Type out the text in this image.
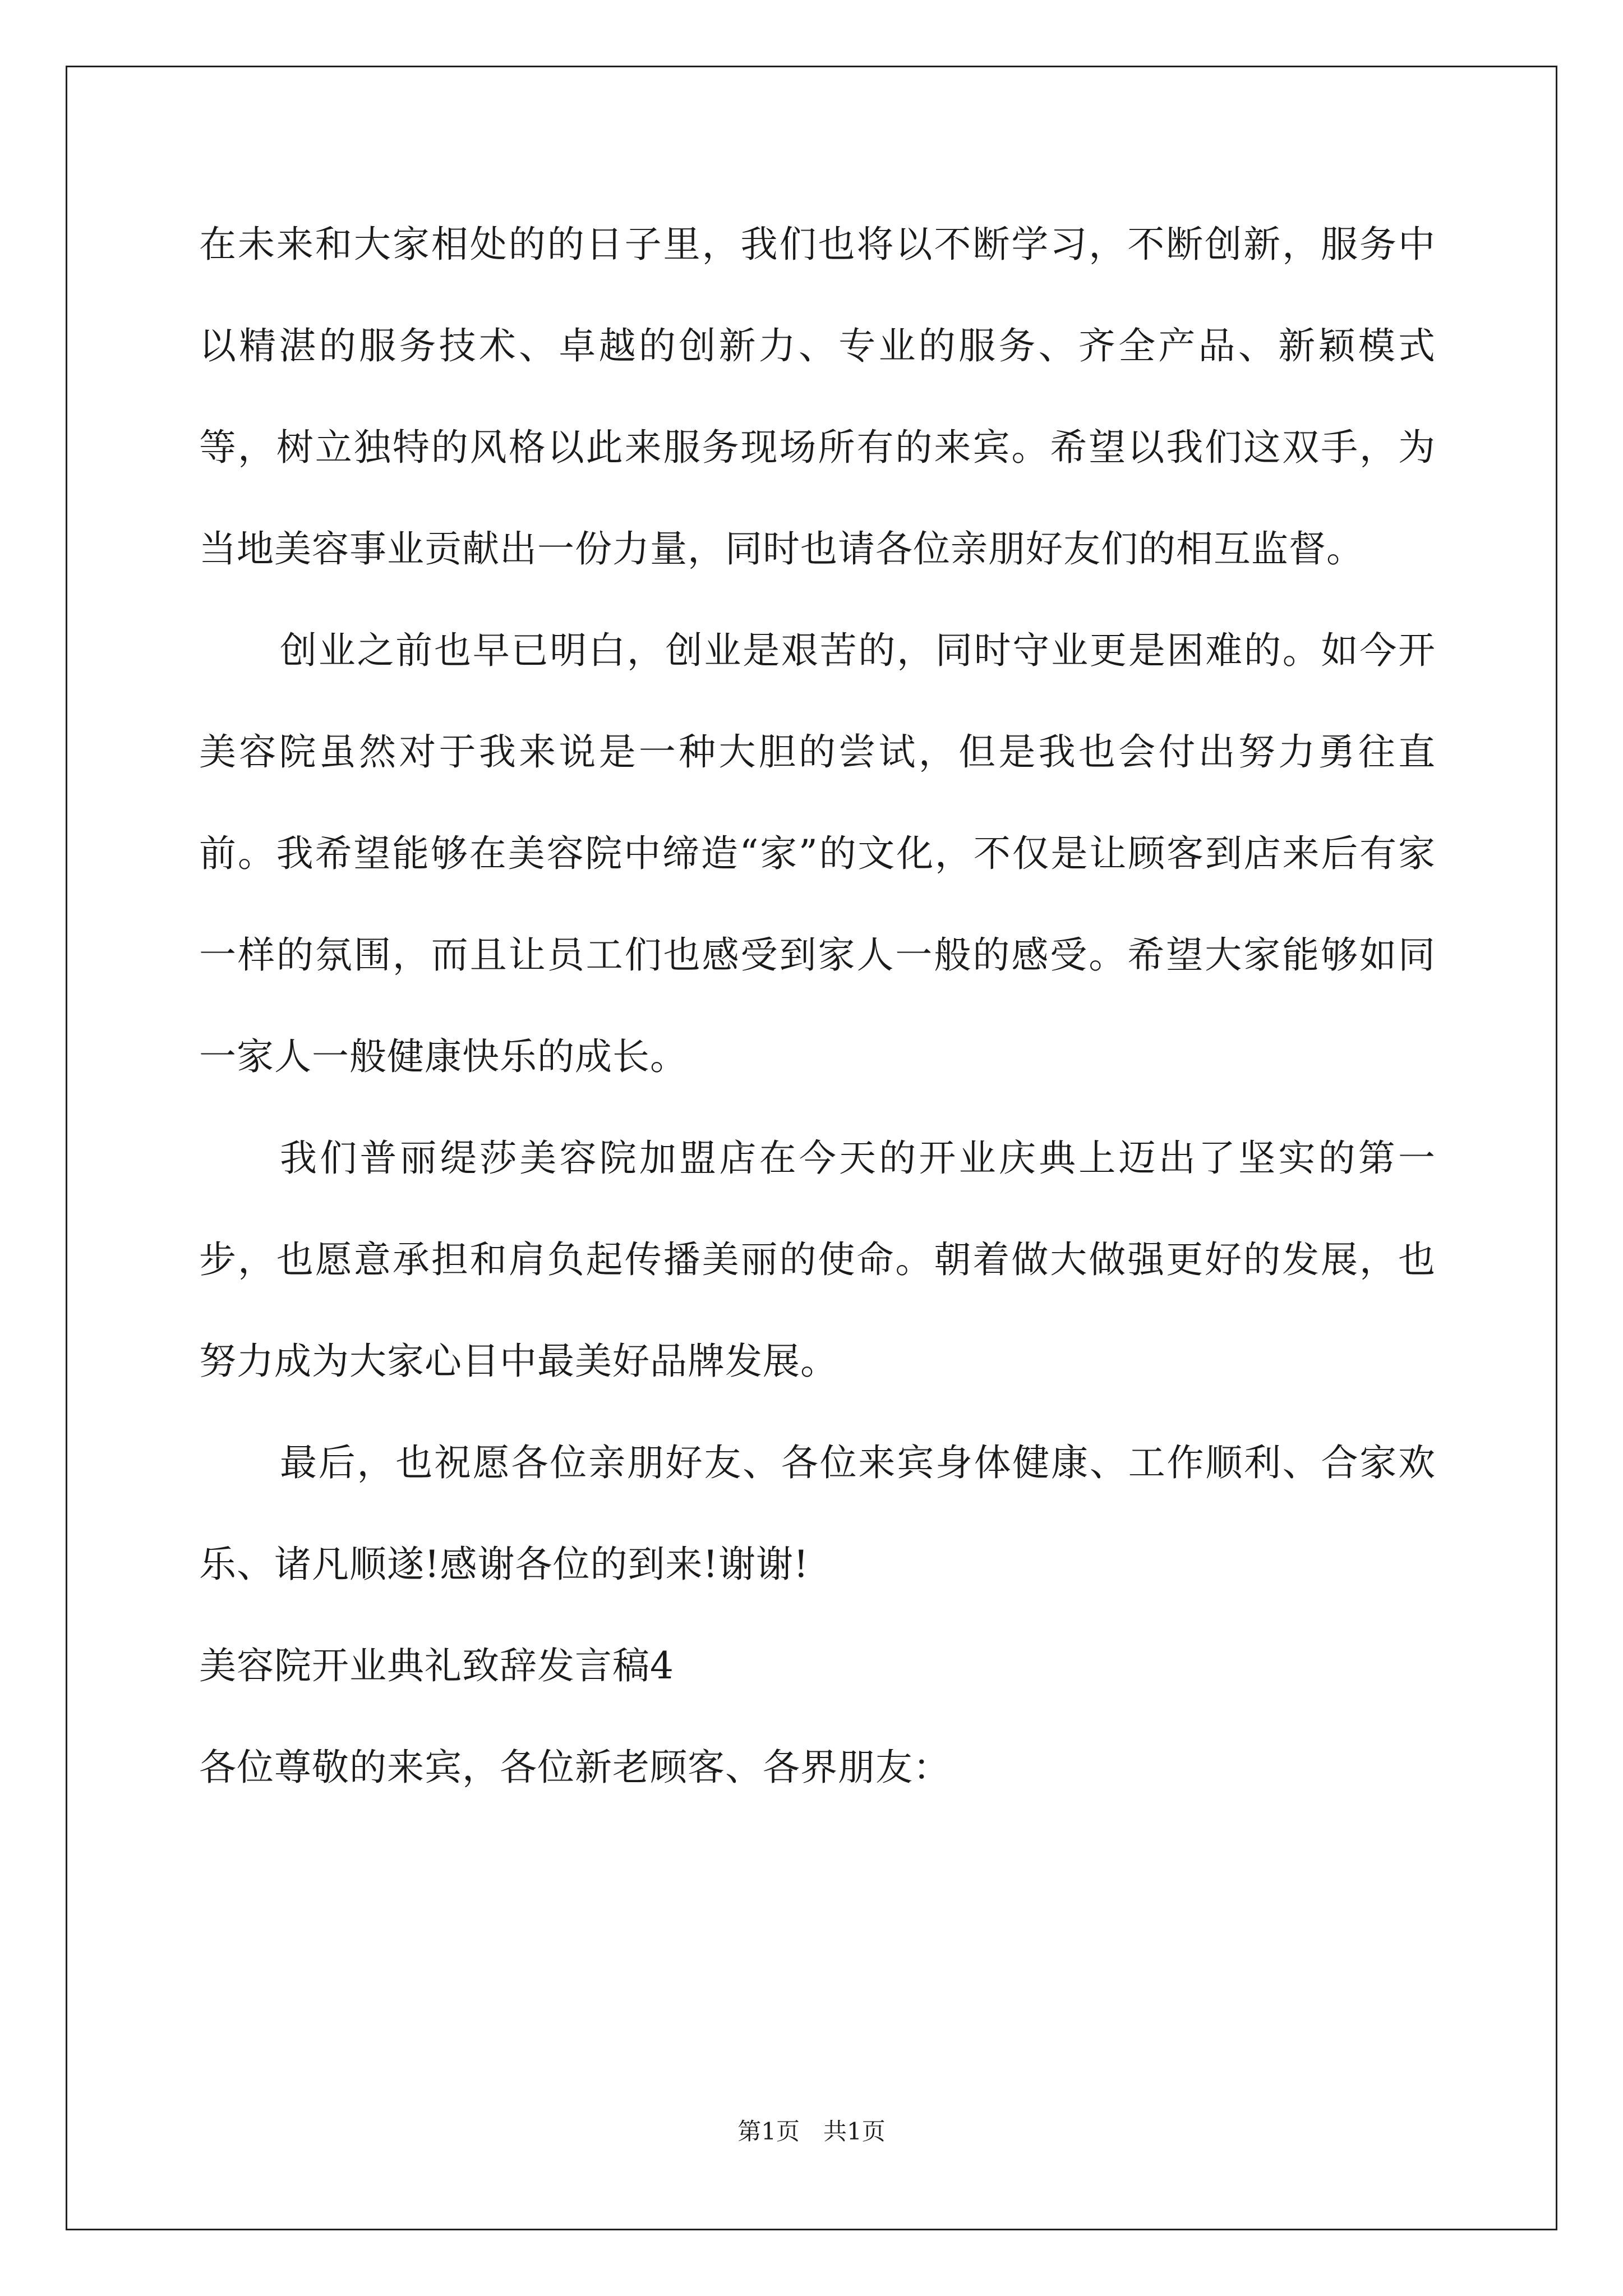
在未来和大家相处的的日子里，我们也将以不断学习，不断创新，服务中以精湛的服务技术、卓越的创新力、专业的服务、齐全产品、新颖模式等，树立独特的风格以此来服务现场所有的来宾。希望以我们这双手，为当地美容事业贡献出一份力量，同时也请各位亲朋好友们的相互监督。

创业之前也早已明白，创业是艰苦的，同时守业更是困难的。如今开美容院虽然对于我来说是一种大胆的尝试，但是我也会付出努力勇往直前。我希望能够在美容院中缔造“家”的文化，不仅是让顾客到店来后有家一样的氛围，而且让员工们也感受到家人一般的感受。希望大家能够如同一家人一般健康快乐的成长。

我们普丽缇莎美容院加盟店在今天的开业庆典上迈出了坚实的第一步，也愿意承担和肩负起传播美丽的使命。朝着做大做强更好的发展，也努力成为大家心目中最美好品牌发展。

最后，也祝愿各位亲朋好友、各位来宾身体健康、工作顺利、合家欢乐、诸凡顺遂!感谢各位的到来!谢谢!

美容院开业典礼致辞发言稿4

各位尊敬的来宾，各位新老顾客、各界朋友：

第1页　共1页
